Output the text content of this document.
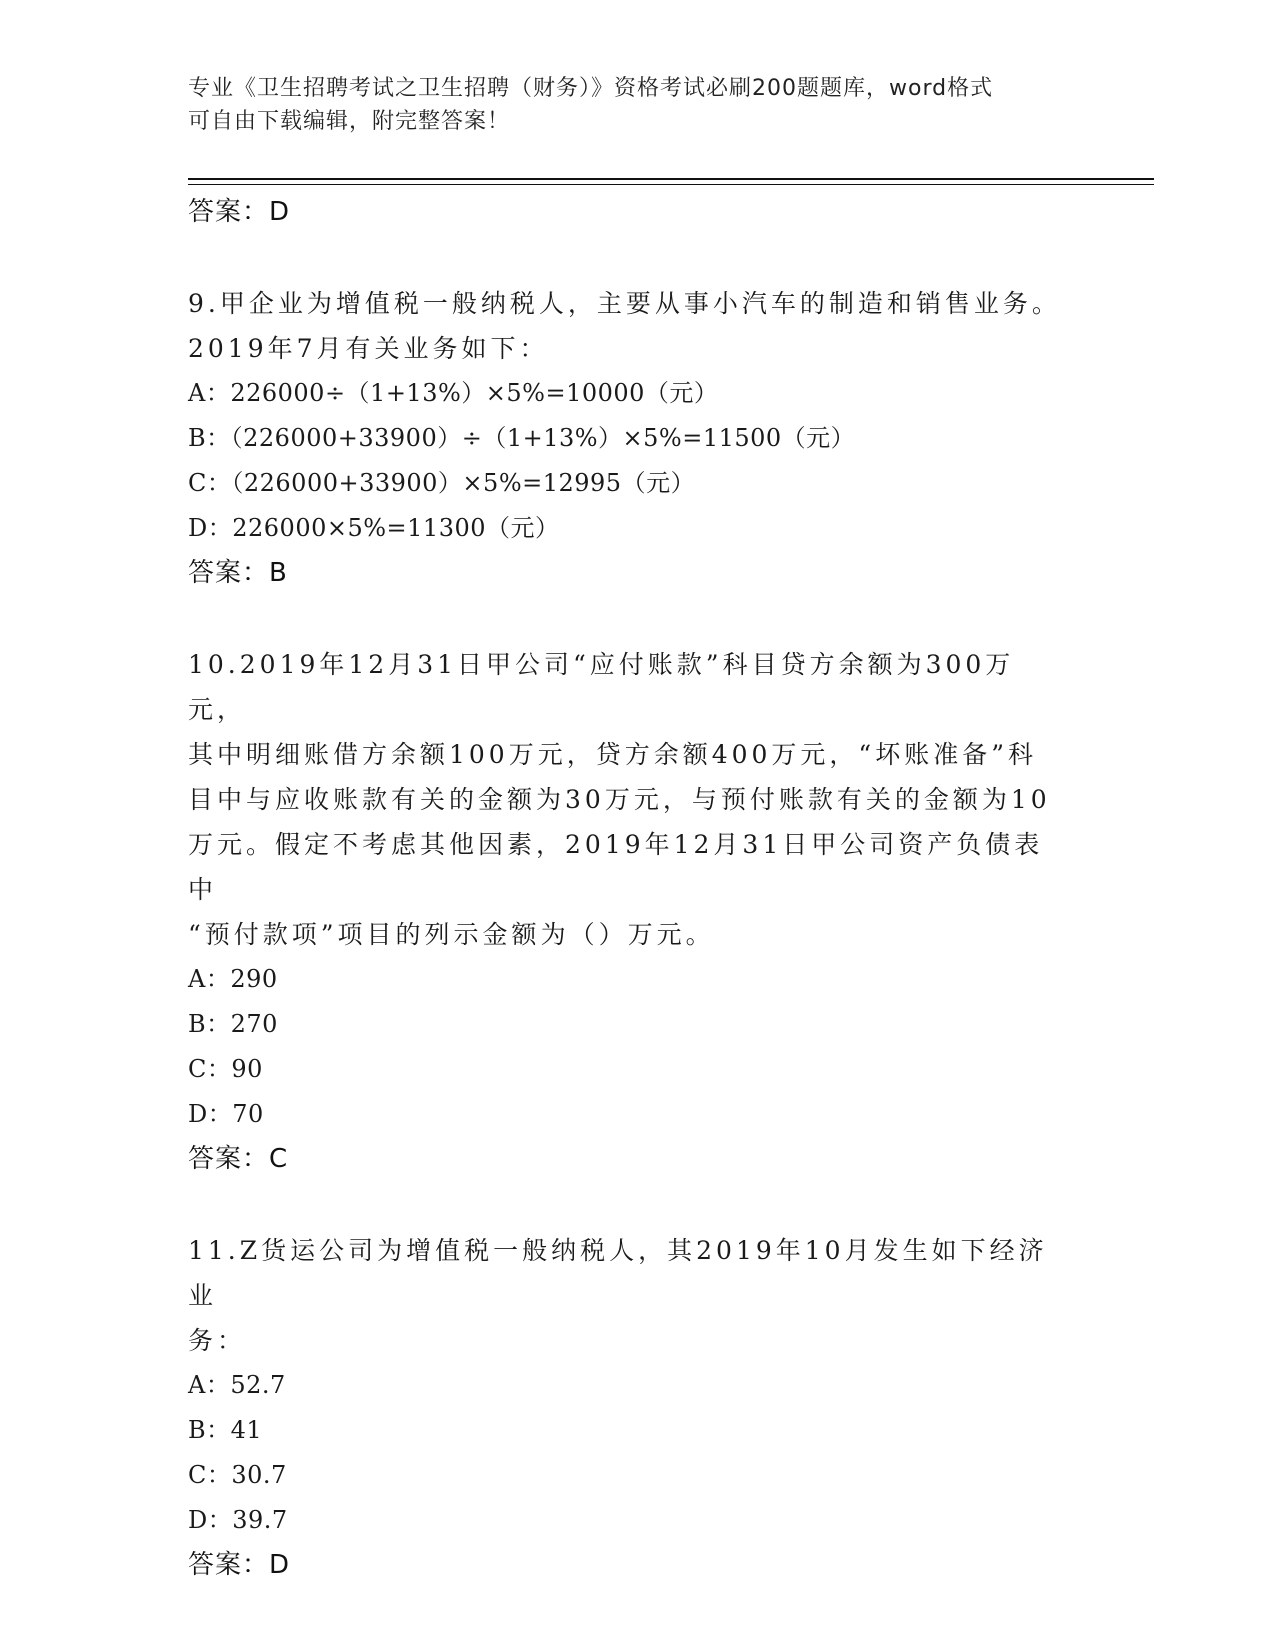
专业《卫生招聘考试之卫生招聘（财务）》资格考试必刷200题题库，word格式
可自由下载编辑，附完整答案！
答案：D
9.甲企业为增值税一般纳税人，主要从事小汽车的制造和销售业务。
2019年7月有关业务如下：
A：226000÷（1+13%）×5%=10000（元）
B：（226000+33900）÷（1+13%）×5%=11500（元）
C：（226000+33900）×5%=12995（元）
D：226000×5%=11300（元）
答案：B
10.2019年12月31日甲公司“应付账款”科目贷方余额为300万元，
其中明细账借方余额100万元，贷方余额400万元，“坏账准备”科
目中与应收账款有关的金额为30万元，与预付账款有关的金额为10
万元。假定不考虑其他因素，2019年12月31日甲公司资产负债表中
“预付款项”项目的列示金额为（）万元。
A：290
B：270
C：90
D：70
答案：C
11.Z货运公司为增值税一般纳税人，其2019年10月发生如下经济业
务：
A：52.7
B：41
C：30.7
D：39.7
答案：D
